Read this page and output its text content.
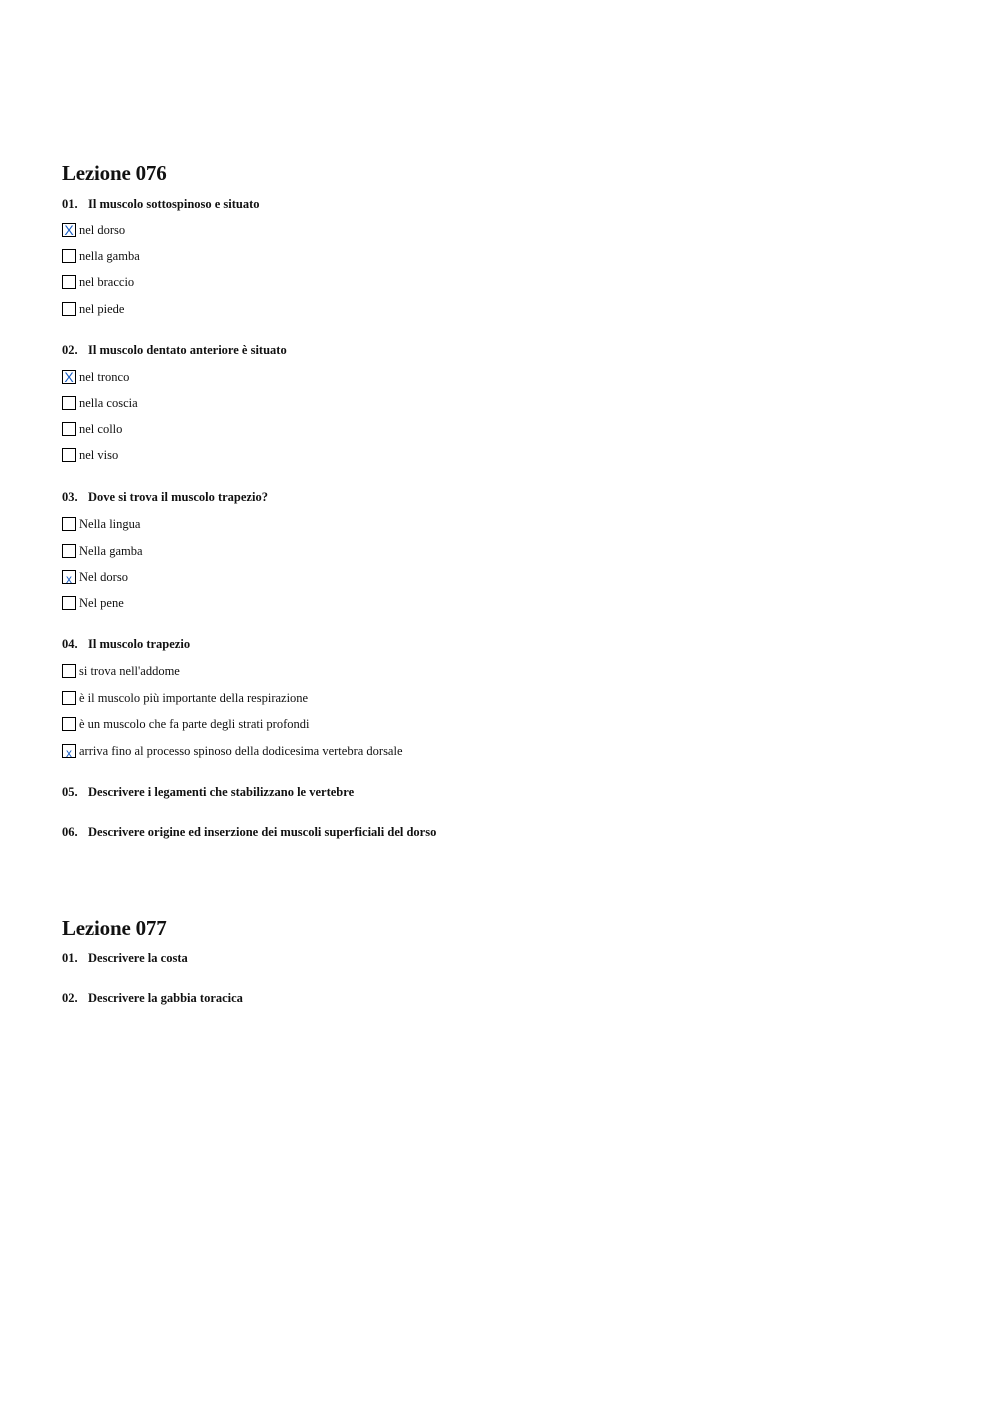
Lezione 076
01. Il muscolo sottospinoso e situato
X nel dorso
nella gamba
nel braccio
nel piede
02. Il muscolo dentato anteriore è situato
X nel tronco
nella coscia
nel collo
nel viso
03. Dove si trova il muscolo trapezio?
Nella lingua
Nella gamba
x Nel dorso
Nel pene
04. Il muscolo trapezio
si trova nell'addome
è il muscolo più importante della respirazione
è un muscolo che fa parte degli strati profondi
x arriva fino al processo spinoso della dodicesima vertebra dorsale
05. Descrivere i legamenti che stabilizzano le vertebre
06. Descrivere origine ed inserzione dei muscoli superficiali del dorso
Lezione 077
01. Descrivere la costa
02. Descrivere la gabbia toracica
